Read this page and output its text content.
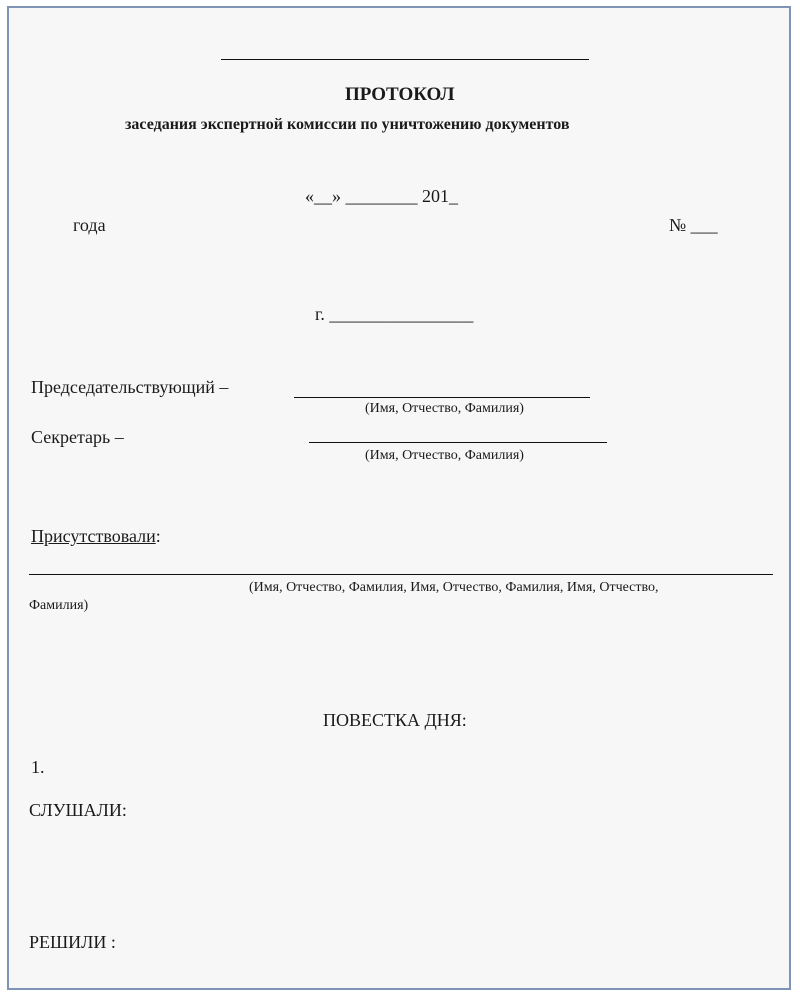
ПРОТОКОЛ
заседания экспертной комиссии по уничтожению документов
«__» ________ 201_
года	№ ___
г. ________________
Председательствующий –
(Имя, Отчество, Фамилия)
Секретарь –
(Имя, Отчество, Фамилия)
Присутствовали:
(Имя, Отчество, Фамилия, Имя, Отчество, Фамилия, Имя, Отчество,
Фамилия)
ПОВЕСТКА ДНЯ:
1.
СЛУШАЛИ:
РЕШИЛИ :
